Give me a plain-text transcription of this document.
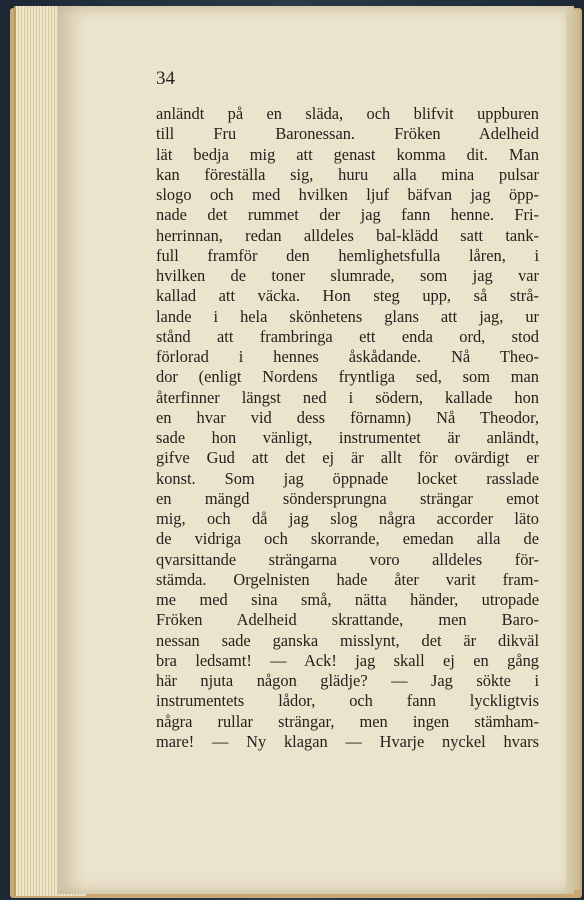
34
anländt på en släda, och blifvit uppburen
till Fru Baronessan. Fröken Adelheid
lät bedja mig att genast komma dit. Man
kan föreställa sig, huru alla mina pulsar
slogo och med hvilken ljuf bäfvan jag öpp-
nade det rummet der jag fann henne. Fri-
herrinnan, redan alldeles bal-klädd satt tank-
full framför den hemlighetsfulla låren, i
hvilken de toner slumrade, som jag var
kallad att väcka. Hon steg upp, så strå-
lande i hela skönhetens glans att jag, ur
stånd att frambringa ett enda ord, stod
förlorad i hennes åskådande. Nå Theo-
dor (enligt Nordens fryntliga sed, som man
återfinner längst ned i södern, kallade hon
en hvar vid dess förnamn) Nå Theodor,
sade hon vänligt, instrumentet är anländt,
gifve Gud att det ej är allt för ovärdigt er
konst. Som jag öppnade locket rasslade
en mängd söndersprungna strängar emot
mig, och då jag slog några accorder läto
de vidriga och skorrande, emedan alla de
qvarsittande strängarna voro alldeles för-
stämda. Orgelnisten hade åter varit fram-
me med sina små, nätta händer, utropade
Fröken Adelheid skrattande, men Baro-
nessan sade ganska misslynt, det är dikväl
bra ledsamt! — Ack! jag skall ej en gång
här njuta någon glädje? — Jag sökte i
instrumentets lådor, och fann lyckligtvis
några rullar strängar, men ingen stämham-
mare! — Ny klagan — Hvarje nyckel hvars
